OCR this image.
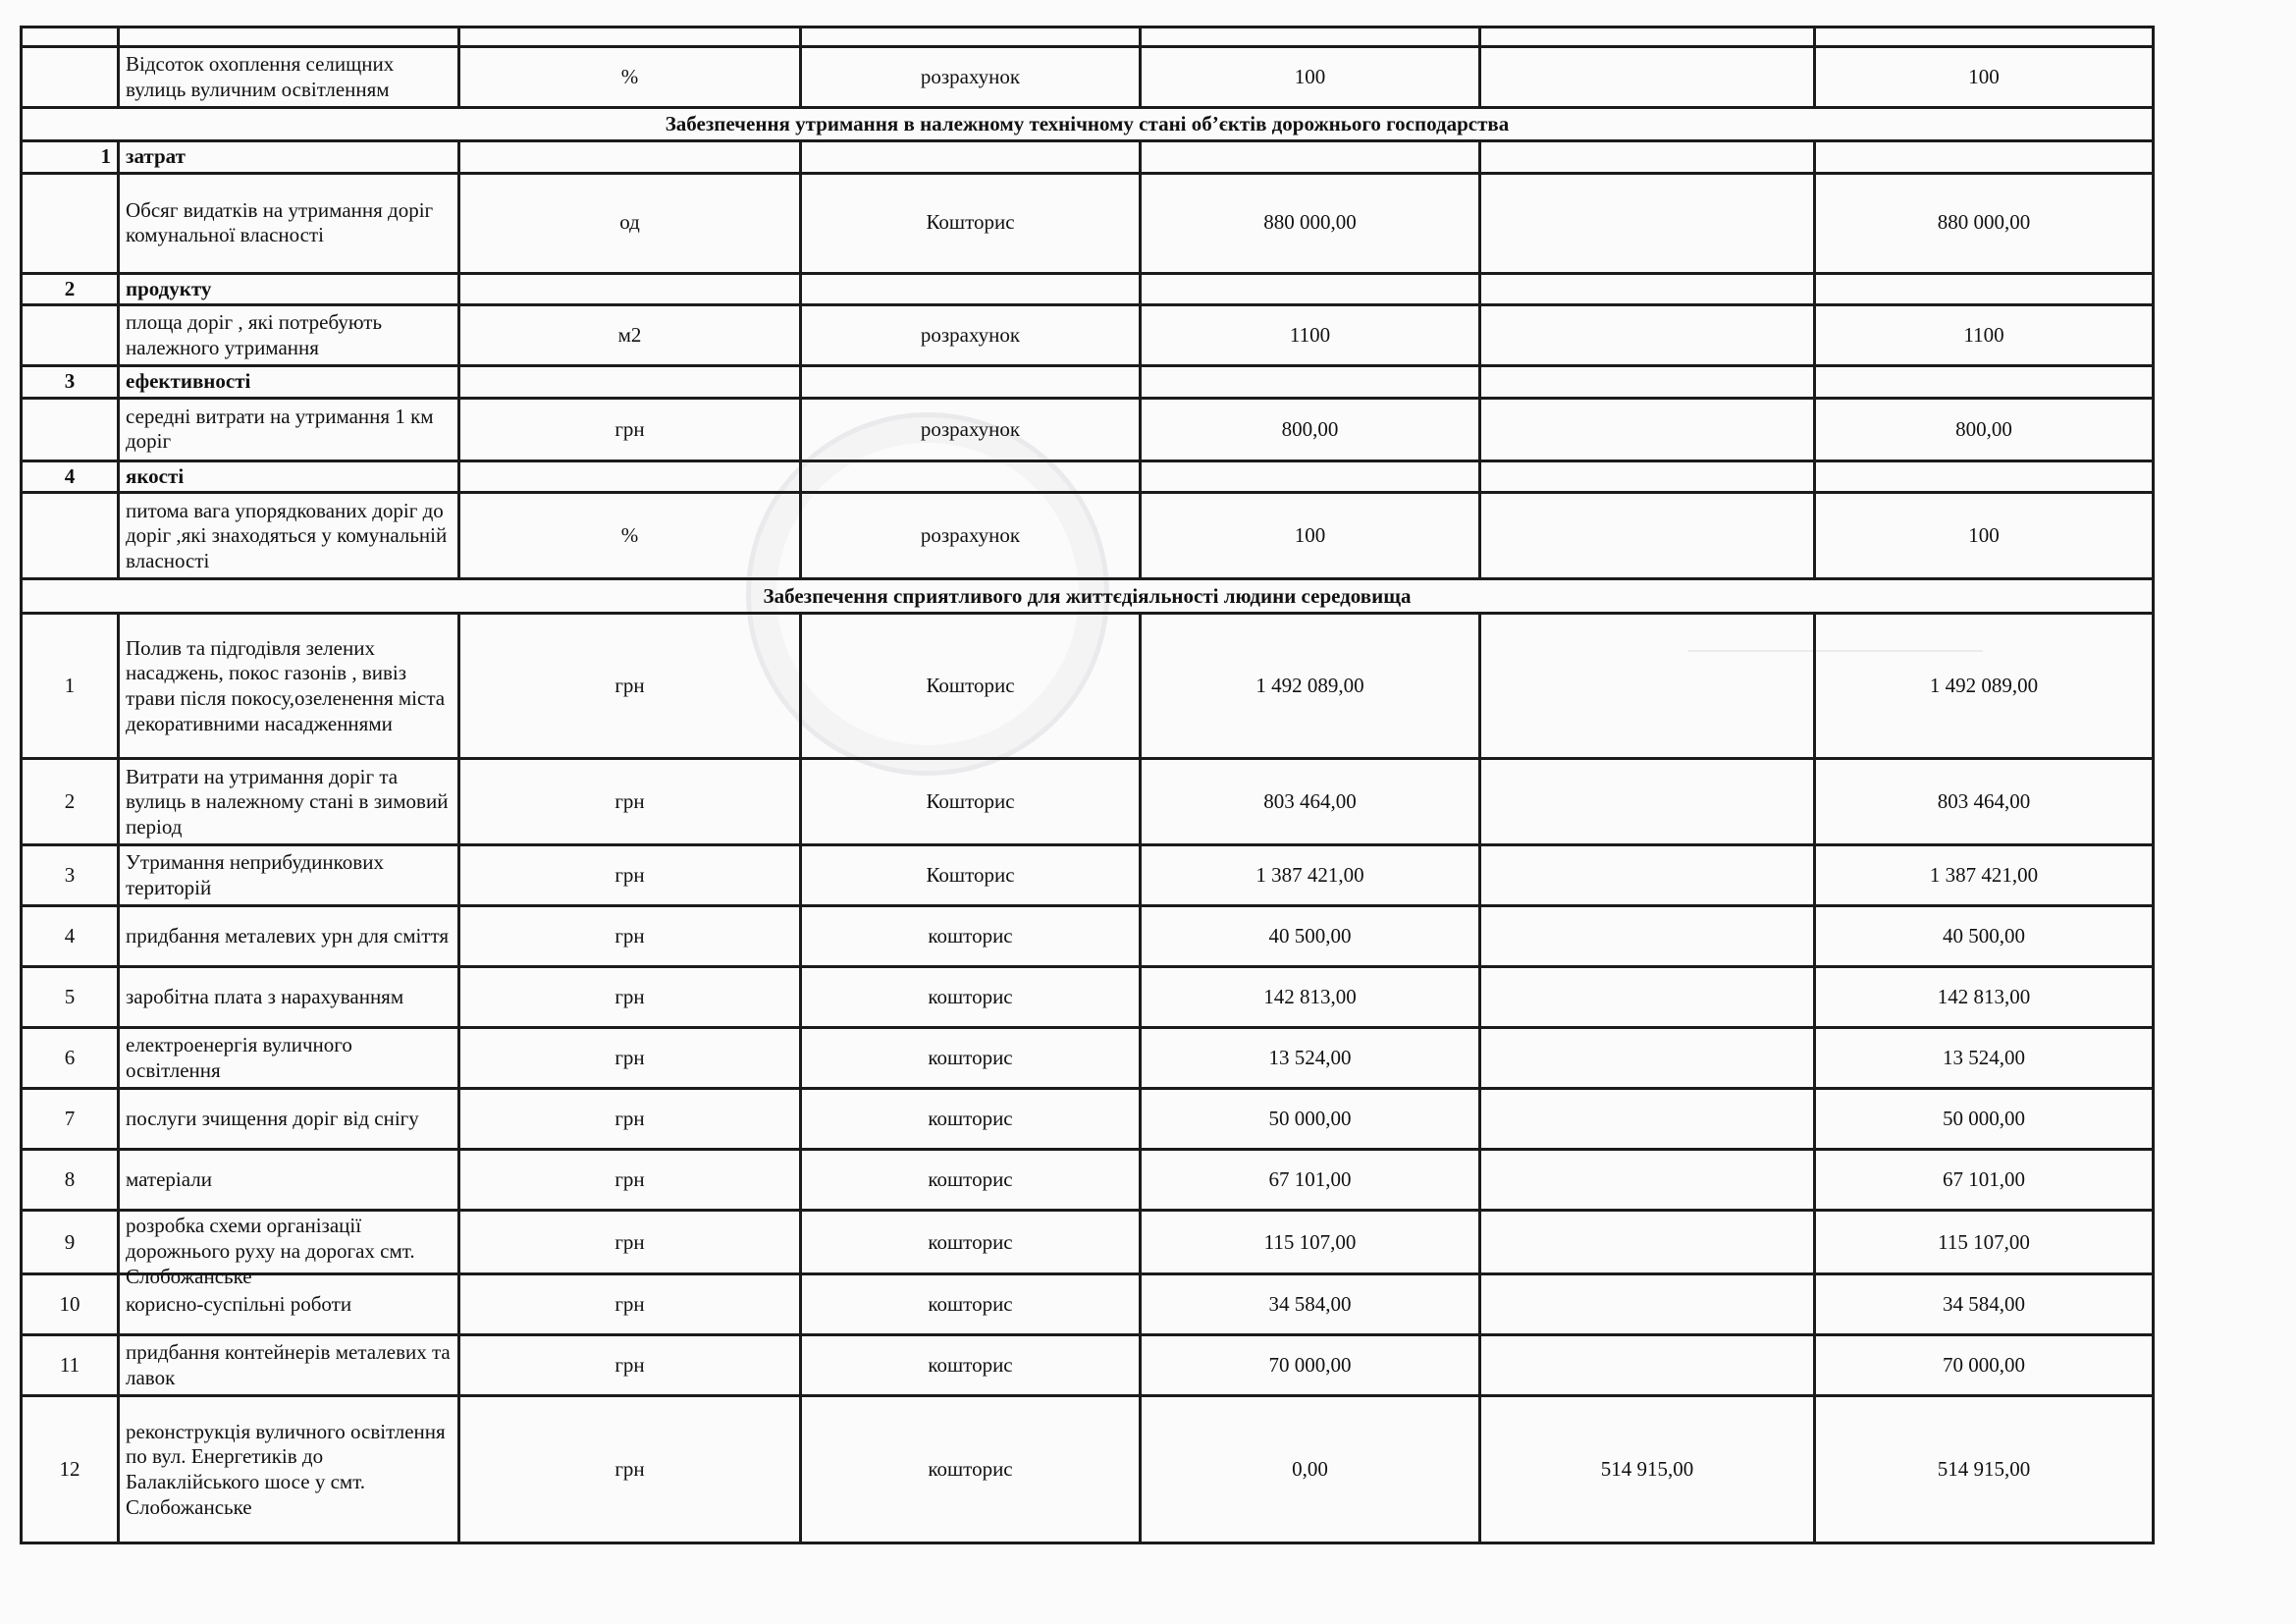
	Відсоток охоплення селищних вулиць вуличним освітленням	%	розрахунок	100		100
Забезпечення утримання в належному технічному стані об’єктів дорожнього господарства						
1	затрат					
	Обсяг видатків на утримання доріг комунальної власності	од	Кошторис	880 000,00		880 000,00
2	продукту					
	площа доріг , які потребують належного утримання	м2	розрахунок	1100		1100
3	ефективності					
	середні витрати на утримання 1 км доріг	грн	розрахунок	800,00		800,00
4	якості					
	питома вага упорядкованих доріг до доріг ,які знаходяться у комунальній власності	%	розрахунок	100		100
Забезпечення сприятливого для життєдіяльності людини середовища						
1	Полив та підгодівля зелених насаджень, покос газонів , вивіз трави після покосу,озеленення міста декоративними насадженнями	грн	Кошторис	1 492 089,00		1 492 089,00
2	Витрати на утримання доріг та вулиць в належному стані в зимовий період	грн	Кошторис	803 464,00		803 464,00
3	Утримання неприбудинкових територій	грн	Кошторис	1 387 421,00		1 387 421,00
4	придбання металевих урн для сміття	грн	кошторис	40 500,00		40 500,00
5	заробітна плата з нарахуванням	грн	кошторис	142 813,00		142 813,00
6	електроенергія вуличного освітлення	грн	кошторис	13 524,00		13 524,00
7	послуги зчищення доріг від снігу	грн	кошторис	50 000,00		50 000,00
8	матеріали	грн	кошторис	67 101,00		67 101,00
9	розробка схеми організації дорожнього руху на дорогах смт. Слобожанське	грн	кошторис	115 107,00		115 107,00
10	корисно-суспільні роботи	грн	кошторис	34 584,00		34 584,00
11	придбання контейнерів металевих та лавок	грн	кошторис	70 000,00		70 000,00
12	реконструкція вуличного освітлення по вул. Енергетиків до Балаклійського шосе у смт. Слобожанське	грн	кошторис	0,00	514 915,00	514 915,00
